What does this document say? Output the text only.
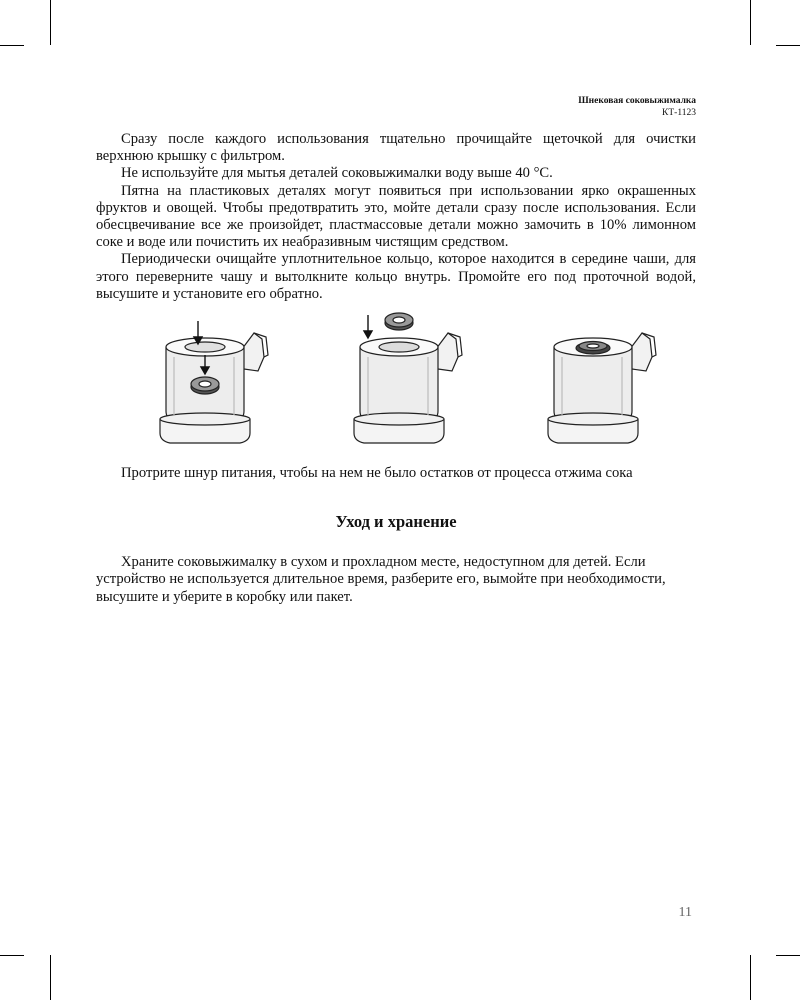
Шнековая соковыжималка
КТ-1123

Сразу после каждого использования тщательно прочищайте щеточкой для очистки верхнюю крышку с фильтром.

Не используйте для мытья деталей соковыжималки воду выше 40 °С.

Пятна на пластиковых деталях могут появиться при использовании ярко окрашенных фруктов и овощей. Чтобы предотвратить это, мойте детали сразу после использования. Если обесцвечивание все же произойдет, пластмассовые детали можно замочить в 10% лимонном соке и воде или почистить их неабразивным чистящим средством.

Периодически очищайте уплотнительное кольцо, которое находится в середине чаши, для этого переверните чашу и вытолкните кольцо внутрь. Промойте его под проточной водой, высушите и установите его обратно.

Протрите шнур питания, чтобы на нем не было остатков от процесса отжима сока

Уход и хранение

Храните соковыжималку в сухом и прохладном месте, недоступном для детей. Если устройство не используется длительное время, разберите его, вымойте при необходимости, высушите и уберите в коробку или пакет.

11
